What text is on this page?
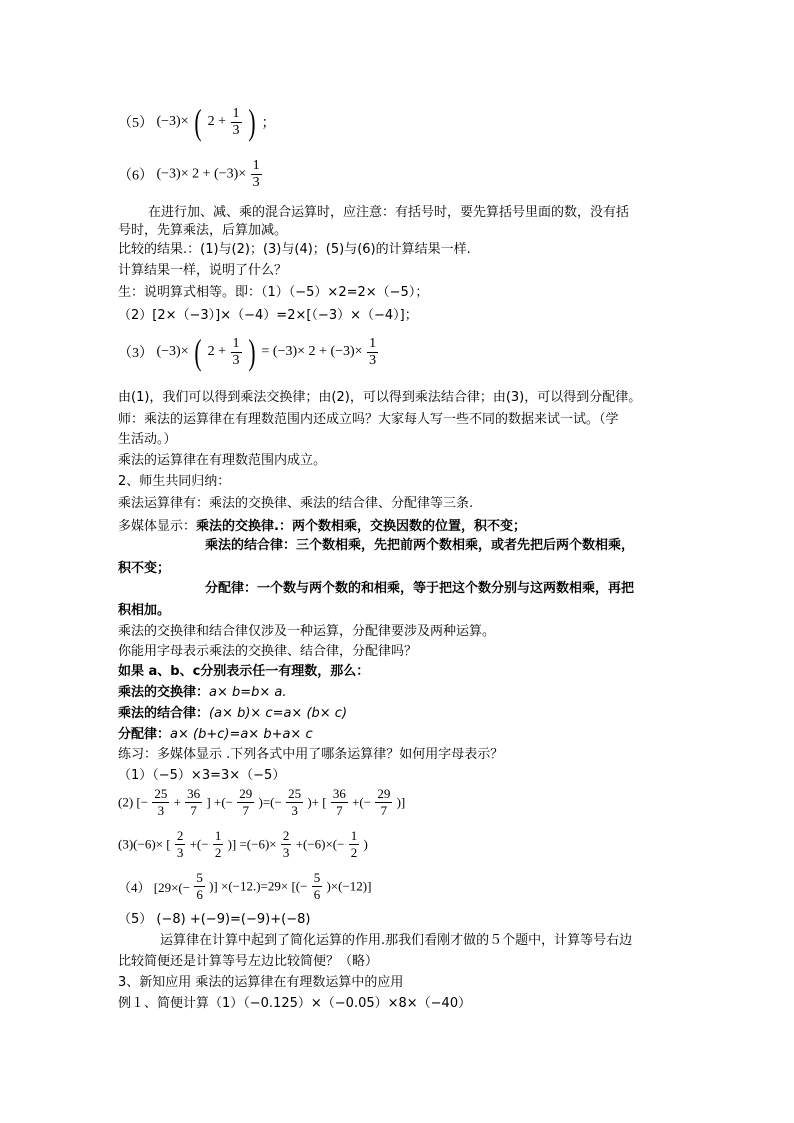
（5） (−3)× ( $2 + \frac{1}{3}$ ) ；
（6） $(-3)\times 2 + (-3)\times \frac{1}{3}$
在进行加、减、乘的混合运算时，应注意：有括号时，要先算括号里面的数，没有括
号时，先算乘法，后算加减。
比较的结果.：(1)与(2)；(3)与(4)；(5)与(6)的计算结果一样.
计算结果一样，说明了什么？
生：说明算式相等。即：（1）（−5）×2=2×（−5）；
（2）[2×（−3）]×（−4）=2×[（−3）×（−4）]；
（3） (−3)× ( $2 + \frac{1}{3}$ ) = $(-3)\times 2 + (-3)\times \frac{1}{3}$
由(1)，我们可以得到乘法交换律；由(2)，可以得到乘法结合律；由(3)，可以得到分配律。
师：乘法的运算律在有理数范围内还成立吗？大家每人写一些不同的数据来试一试。（学
生活动。）
乘法的运算律在有理数范围内成立。
2、师生共同归纳：
乘法运算律有：乘法的交换律、乘法的结合律、分配律等三条.
多媒体显示：乘法的交换律.：两个数相乘，交换因数的位置，积不变；
乘法的结合律：三个数相乘，先把前两个数相乘，或者先把后两个数相乘，
积不变；
分配律：一个数与两个数的和相乘，等于把这个数分别与这两数相乘，再把
积相加。
乘法的交换律和结合律仅涉及一种运算，分配律要涉及两种运算。
你能用字母表示乘法的交换律、结合律，分配律吗？
如果 a、b、c分别表示任一有理数，那么：
乘法的交换律：a× b=b× a.
乘法的结合律：(a× b)× c=a× (b× c)
分配律：a× (b+c)=a× b+a× c
练习：多媒体显示 .下列各式中用了哪条运算律？如何用字母表示？
（1）（−5）×3=3×（−5）
(2) [− $\frac{25}{3} + \frac{36}{7}$ ] +(− $\frac{29}{7}$ )=(− $\frac{25}{3}$ )+ [ $\frac{36}{7}$ +(− $\frac{29}{7}$ )]
(3)(−6)× [ $\frac{2}{3}$ +(− $\frac{1}{2}$ )] $=(-6)\times \frac{2}{3} +(-6)\times(- \frac{1}{2}$ )
（4） [$29\times(- \frac{5}{6}$ )] ×(−12.)=29× [(− $\frac{5}{6} )\times(-12)$]
（5） (−8) +(−9)=(−9)+(−8)
运算律在计算中起到了简化运算的作用.那我们看刚才做的５个题中，计算等号右边
比较简便还是计算等号左边比较简便？（略）
3、新知应用 乘法的运算律在有理数运算中的应用
例１、简便计算（1）（−0.125）×（−0.05）×8×（−40）
